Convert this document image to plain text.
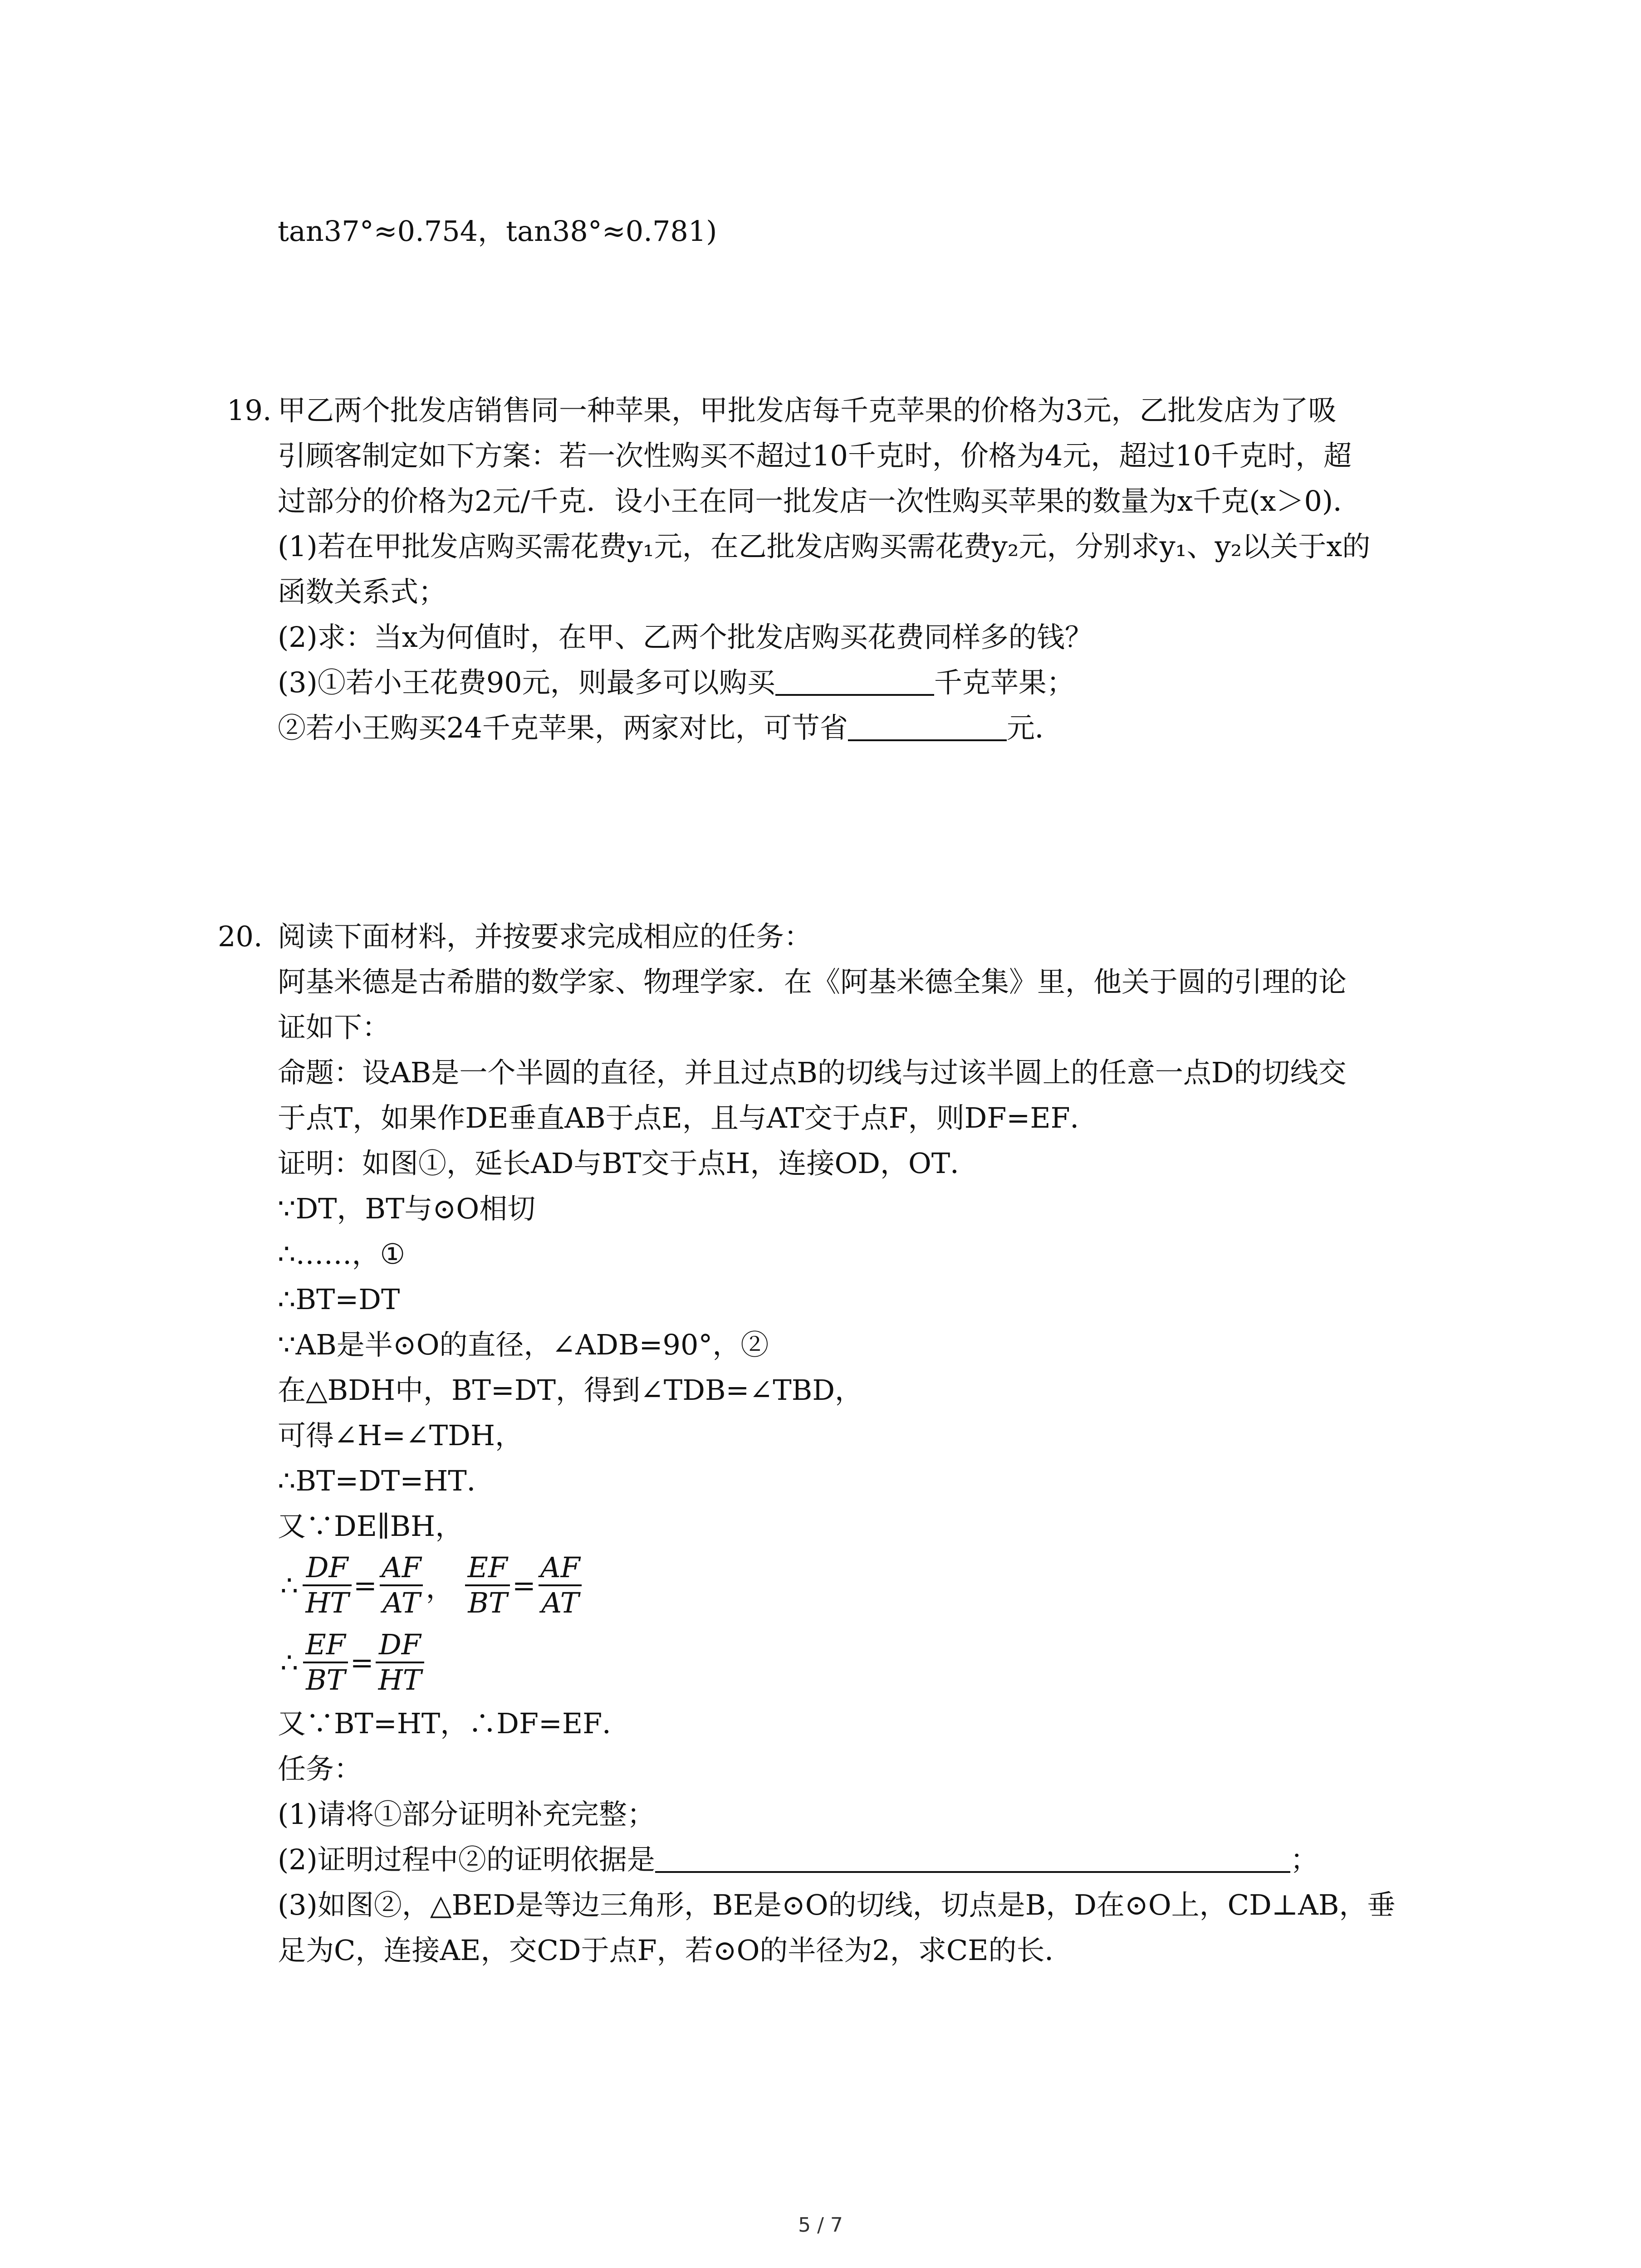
tan37°≈0.754，tan38°≈0.781)
19. 甲乙两个批发店销售同一种苹果，甲批发店每千克苹果的价格为3元，乙批发店为了吸
引顾客制定如下方案：若一次性购买不超过10千克时，价格为4元，超过10千克时，超
过部分的价格为2元/千克．设小王在同一批发店一次性购买苹果的数量为x千克(x＞0)．
(1)若在甲批发店购买需花费y₁元，在乙批发店购买需花费y₂元，分别求y₁、y₂以关于x的
函数关系式；
(2)求：当x为何值时，在甲、乙两个批发店购买花费同样多的钱？
(3)①若小王花费90元，则最多可以购买	千克苹果；
②若小王购买24千克苹果，两家对比，可节省	元．
20. 阅读下面材料，并按要求完成相应的任务：
阿基米德是古希腊的数学家、物理学家．在《阿基米德全集》里，他关于圆的引理的论
证如下：
命题：设AB是一个半圆的直径，并且过点B的切线与过该半圆上的任意一点D的切线交
于点T，如果作DE垂直AB于点E，且与AT交于点F，则DF=EF．
证明：如图①，延长AD与BT交于点H，连接OD，OT．
∵DT，BT与⊙O相切
∴……，①
∴BT=DT
∵AB是半⊙O的直径，∠ADB=90°，②
在△BDH中，BT=DT，得到∠TDB=∠TBD，
可得∠H=∠TDH，
∴BT=DT=HT．
又∵DE∥BH，
∴ $\frac{DF}{HT} = \frac{AF}{AT}$ ， $\frac{EF}{BT} = \frac{AF}{AT}$
∴ $\frac{EF}{BT} = \frac{DF}{HT}$
又∵BT=HT，∴DF=EF．
任务：
(1)请将①部分证明补充完整；
(2)证明过程中②的证明依据是	；
(3)如图②，△BED是等边三角形，BE是⊙O的切线，切点是B，D在⊙O上，CD⊥AB，垂
足为C，连接AE，交CD于点F，若⊙O的半径为2，求CE的长．
5 / 7
